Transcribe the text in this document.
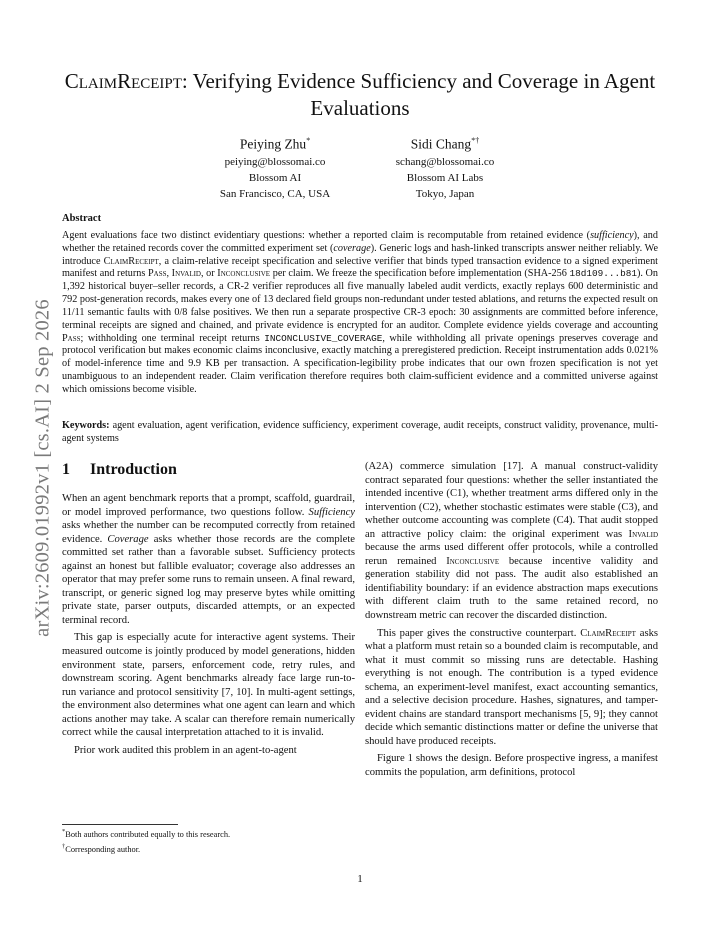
arXiv:2609.01992v1 [cs.AI] 2 Sep 2026
ClaimReceipt: Verifying Evidence Sufficiency and Coverage in Agent Evaluations
Peiying Zhu*
peiying@blossomai.co
Blossom AI
San Francisco, CA, USA
Sidi Chang*†
schang@blossomai.co
Blossom AI Labs
Tokyo, Japan
Abstract

Agent evaluations face two distinct evidentiary questions: whether a reported claim is recomputable from retained evidence (sufficiency), and whether the retained records cover the committed experiment set (coverage). Generic logs and hash-linked transcripts answer neither reliably. We introduce ClaimReceipt, a claim-relative receipt specification and selective verifier that binds typed transaction evidence to a signed experiment manifest and returns Pass, Invalid, or Inconclusive per claim. We freeze the specification before implementation (SHA-256 18d109...b81). On 1,392 historical buyer–seller records, a CR-2 verifier reproduces all five manually labeled audit verdicts, exactly replays 600 deterministic and 792 post-generation records, makes every one of 13 declared field groups non-redundant under tested ablations, and returns the expected result on 11/11 semantic faults with 0/8 false positives. We then run a separate prospective CR-3 epoch: 30 assignments are committed before inference, terminal receipts are signed and chained, and private evidence is encrypted for an auditor. Complete evidence yields coverage and accounting Pass; withholding one terminal receipt returns INCONCLUSIVE_COVERAGE, while withholding all private openings preserves coverage and protocol verification but makes economic claims inconclusive, exactly matching a preregistered prediction. Receipt instrumentation adds 0.021% of model-inference time and 9.9 KB per transaction. A specification-legibility probe indicates that our own frozen specification is not yet unambiguous to an independent reader. Claim verification therefore requires both claim-sufficient evidence and a committed universe against which omissions become visible.

Keywords: agent evaluation, agent verification, evidence sufficiency, experiment coverage, audit receipts, construct validity, provenance, multi-agent systems
1 Introduction

When an agent benchmark reports that a prompt, scaffold, guardrail, or model improved performance, two questions follow. Sufficiency asks whether the number can be recomputed correctly from retained evidence. Coverage asks whether those records are the complete committed set rather than a favorable subset. Sufficiency protects against an honest but fallible evaluator; coverage also addresses an operator that may prefer some runs to remain unseen. A final reward, transcript, or generic signed log may preserve bytes while omitting private state, parser outputs, discarded attempts, or an expected terminal record.

This gap is especially acute for interactive agent systems. Their measured outcome is jointly produced by model generations, hidden environment state, parsers, enforcement code, retry rules, and downstream scoring. Agent benchmarks already face large run-to-run variance and protocol sensitivity [7, 10]. In multi-agent settings, the environment also determines what one agent can learn and which actions another may take. A scalar can therefore remain numerically correct while the causal interpretation attached to it is invalid.

Prior work audited this problem in an agent-to-agent

(A2A) commerce simulation [17]. A manual construct-validity contract separated four questions: whether the seller instantiated the intended incentive (C1), whether treatment arms differed only in the intervention (C2), whether stochastic estimates were stable (C3), and whether outcome accounting was complete (C4). That audit stopped an attractive policy claim: the original experiment was Invalid because the arms used different offer protocols, while a controlled rerun remained Inconclusive because incentive validity and generation stability did not pass. The audit also established an identifiability boundary: if an evidence abstraction maps executions with different claim truth to the same retained record, no downstream metric can recover the discarded distinction.

This paper gives the constructive counterpart. ClaimReceipt asks what a platform must retain so a bounded claim is recomputable, and what it must commit so missing runs are detectable. Hashing everything is not enough. The contribution is a typed evidence schema, an experiment-level manifest, exact accounting semantics, and a selective decision procedure. Hashes, signatures, and tamper-evident chains are standard transport mechanisms [5, 9]; they cannot decide which semantic distinctions matter or define the universe that should have produced receipts.

Figure 1 shows the design. Before prospective ingress, a manifest commits the population, arm definitions, protocol

*Both authors contributed equally to this research.
†Corresponding author.
1
